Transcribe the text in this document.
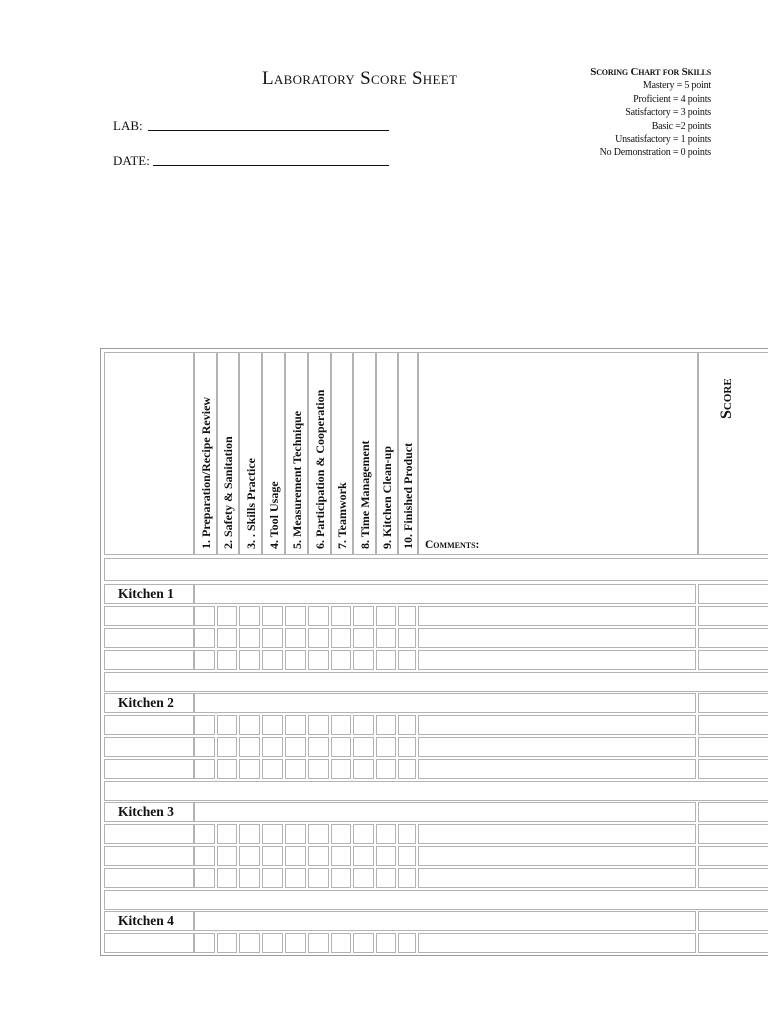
Laboratory Score Sheet	Scoring Chart for Skills
Mastery = 5 point
Proficient = 4 points
Satisfactory = 3 points
Basic =2 points
Unsatisfactory = 1 points
No Demonstration = 0 points
LAB:
DATE:
1. Preparation/Recipe Review 2. Safety & Sanitation 3. . Skills Practice 4. Tool Usage 5. Measurement Technique 6. Participation & Cooperation 7. Teamwork 8. Time Management 9. Kitchen Clean-up 10. Finished Product Comments:
Score
Kitchen 1
Kitchen 2
Kitchen 3
Kitchen 4
